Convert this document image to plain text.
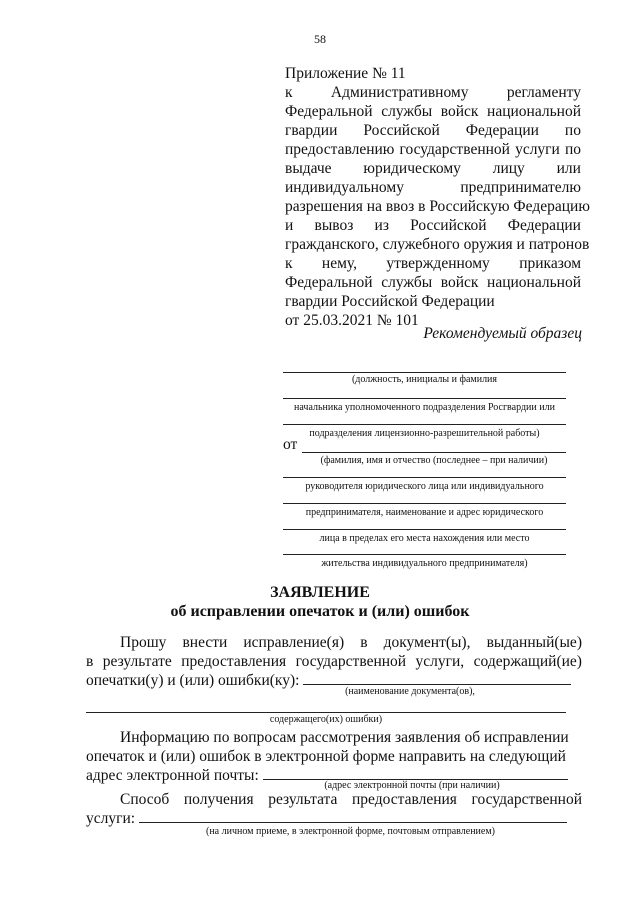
58
Приложение № 11
к Административному регламенту
Федеральной службы войск национальной
гвардии Российской Федерации по
предоставлению государственной услуги по
выдаче юридическому лицу или
индивидуальному	предпринимателю
разрешения на ввоз в Российскую Федерацию
и вывоз из Российской Федерации
гражданского, служебного оружия и патронов
к нему, утвержденному приказом
Федеральной службы войск национальной
гвардии Российской Федерации
от 25.03.2021 № 101
Рекомендуемый образец
(должность, инициалы и фамилия
начальника уполномоченного подразделения Росгвардии или
подразделения лицензионно-разрешительной работы)
от
(фамилия, имя и отчество (последнее – при наличии)
руководителя юридического лица или индивидуального
предпринимателя, наименование и адрес юридического
лица в пределах его места нахождения или место
жительства индивидуального предпринимателя)
ЗАЯВЛЕНИЕ
об исправлении опечаток и (или) ошибок
Прошу внести исправление(я) в документ(ы), выданный(ые)
в результате предоставления государственной услуги, содержащий(ие)
опечатки(у) и (или) ошибки(ку):
(наименование документа(ов),
содержащего(их) ошибки)
Информацию по вопросам рассмотрения заявления об исправлении
опечаток и (или) ошибок в электронной форме направить на следующий
адрес электронной почты:
(адрес электронной почты (при наличии)
Способ получения результата предоставления государственной
услуги:
(на личном приеме, в электронной форме, почтовым отправлением)
